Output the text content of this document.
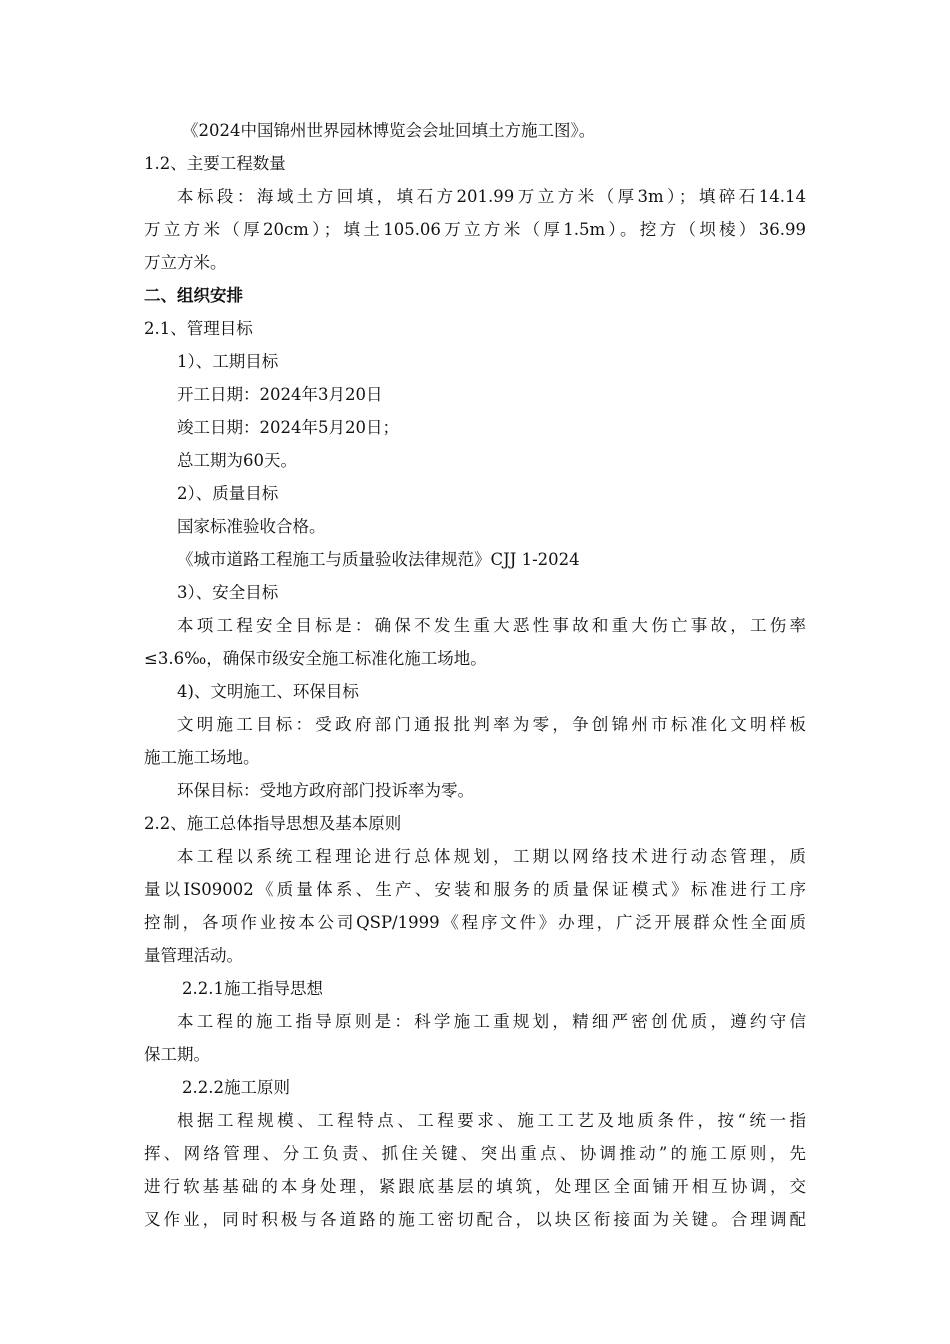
《2024中国锦州世界园林博览会会址回填土方施工图》。
1.2、主要工程数量
本标段：海域土方回填，填石方201.99万立方米（厚3m）；填碎石14.14
万立方米（厚20cm）；填土105.06万立方米（厚1.5m）。挖方（坝棱）36.99
万立方米。
二、组织安排
2.1、管理目标
1）、工期目标
开工日期：2024年3月20日
竣工日期：2024年5月20日；
总工期为60天。
2）、质量目标
国家标准验收合格。
《城市道路工程施工与质量验收法律规范》CJJ 1-2024
3）、安全目标
本项工程安全目标是：确保不发生重大恶性事故和重大伤亡事故，工伤率
≤3.6‰，确保市级安全施工标准化施工场地。
4)、文明施工、环保目标
文明施工目标：受政府部门通报批判率为零，争创锦州市标准化文明样板
施工施工场地。
环保目标：受地方政府部门投诉率为零。
2.2、施工总体指导思想及基本原则
本工程以系统工程理论进行总体规划，工期以网络技术进行动态管理，质
量以IS09002《质量体系、生产、安装和服务的质量保证模式》标准进行工序
控制，各项作业按本公司QSP/1999《程序文件》办理，广泛开展群众性全面质
量管理活动。
2.2.1施工指导思想
本工程的施工指导原则是：科学施工重规划，精细严密创优质，遵约守信
保工期。
2.2.2施工原则
根据工程规模、工程特点、工程要求、施工工艺及地质条件，按“统一指
挥、网络管理、分工负责、抓住关键、突出重点、协调推动”的施工原则，先
进行软基基础的本身处理，紧跟底基层的填筑，处理区全面铺开相互协调，交
叉作业，同时积极与各道路的施工密切配合，以块区衔接面为关键。合理调配
